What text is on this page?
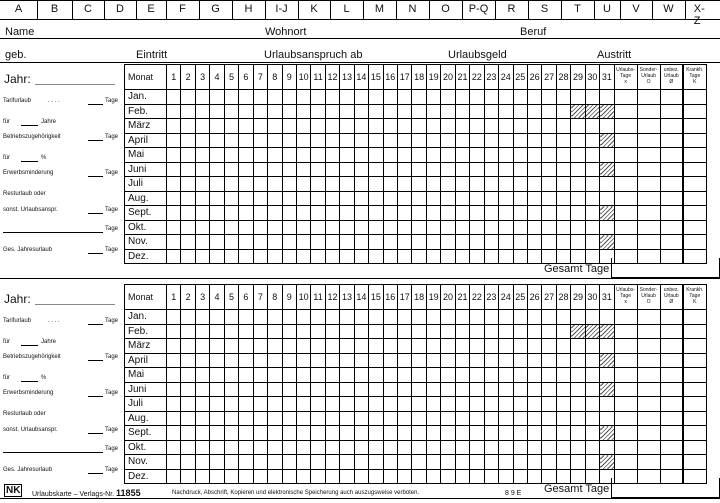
A	B C D E F G H I-J K L M N O P-Q R S T U V W X-Z
Name	Wohnort	Beruf
geb.	Eintritt	Urlaubsanspruch ab	Urlaubsgeld	Austritt
Jahr:
Tarifurlaub	. . . .	Tage
für	Jahre
Betriebszugehörigkeit	Tage
für	%
Erwerbsminderung	Tage
Resturlaub oder
sonst. Urlaubsanspr.	Tage
Tage
Ges. Jahresurlaub	Tage
Monat	1	2	3	4	5	6	7	8	9	10	11	12	13	14	15	16	17	18	19	20	21	22	23	24	25	26	27	28	29	30	31	Urlaubs-
Tage
x	Sonder-
Urlaub
O	unbez.
Urlaub
Ø	Krankh.
Tage
K
Jan.																																			
Feb.																																			
März																																			
April																																			
Mai																																			
Juni																																			
Juli																																			
Aug.																																			
Sept.																																			
Okt.																																			
Nov.																																			
Dez.																																			
Gesamt Tage
Jahr:
Tarifurlaub	. . . .	Tage
für	Jahre
Betriebszugehörigkeit	Tage
für	%
Erwerbsminderung	Tage
Resturlaub oder
sonst. Urlaubsanspr.	Tage
Tage
Ges. Jahresurlaub	Tage
Monat	1	2	3	4	5	6	7	8	9	10	11	12	13	14	15	16	17	18	19	20	21	22	23	24	25	26	27	28	29	30	31	Urlaubs-
Tage
x	Sonder-
Urlaub
O	unbez.
Urlaub
Ø	Krankh.
Tage
K
Jan.																																			
Feb.																																			
März																																			
April																																			
Mai																																			
Juni																																			
Juli																																			
Aug.																																			
Sept.																																			
Okt.																																			
Nov.																																			
Dez.																																			
Gesamt Tage
NK Urlaubskarte – Verlags-Nr. 11855	Nachdruck, Abschrift, Kopieren und elektronische Speicherung auch auszugsweise verboten.	8 9 E
